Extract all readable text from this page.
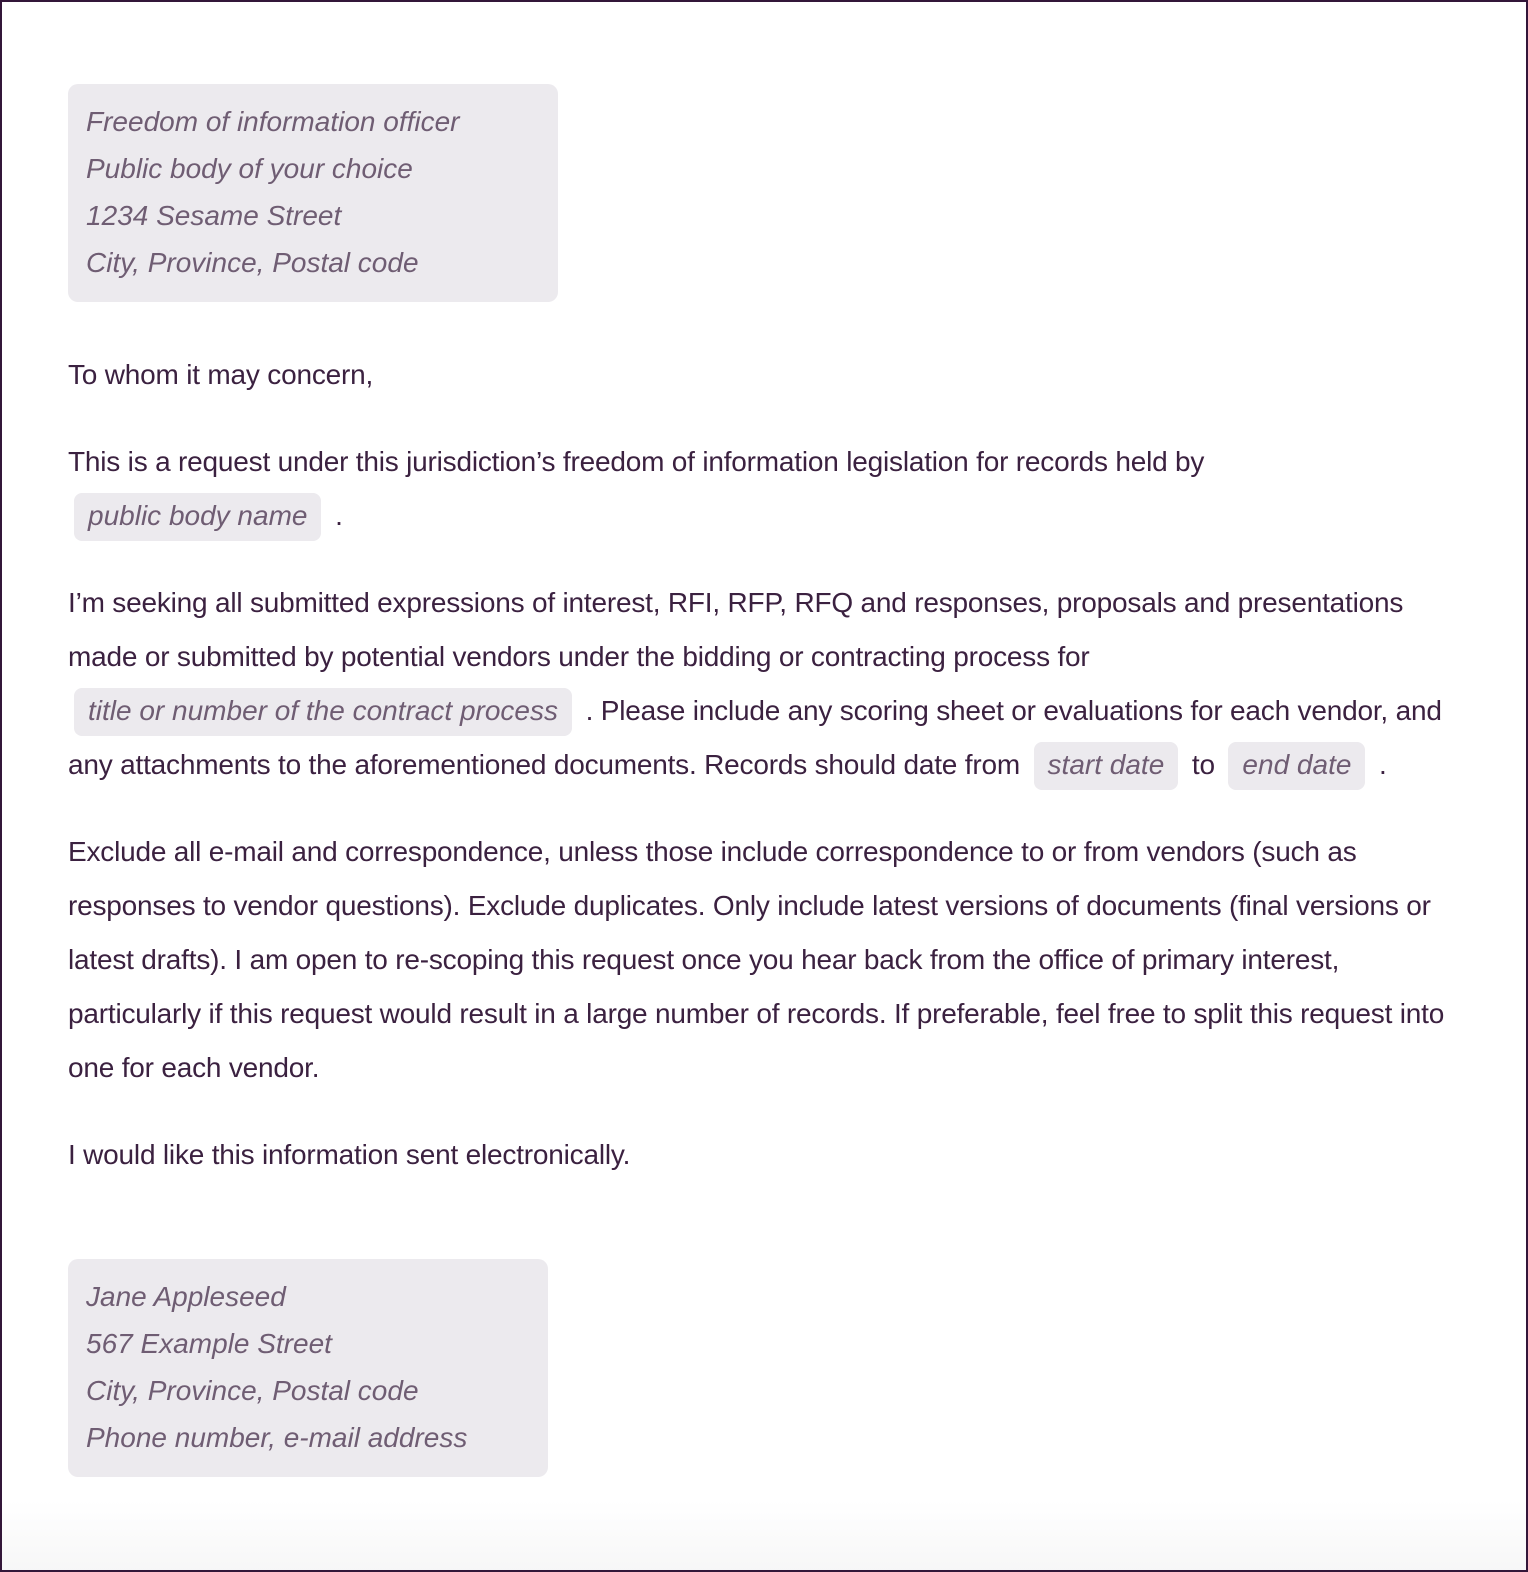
Freedom of information officer
Public body of your choice
1234 Sesame Street
City, Province, Postal code

To whom it may concern,

This is a request under this jurisdiction’s freedom of information legislation for records held by public body name .

I’m seeking all submitted expressions of interest, RFI, RFP, RFQ and responses, proposals and presentations made or submitted by potential vendors under the bidding or contracting process for title or number of the contract process . Please include any scoring sheet or evaluations for each vendor, and any attachments to the aforementioned documents. Records should date from start date to end date .

Exclude all e-mail and correspondence, unless those include correspondence to or from vendors (such as responses to vendor questions). Exclude duplicates. Only include latest versions of documents (final versions or latest drafts). I am open to re-scoping this request once you hear back from the office of primary interest, particularly if this request would result in a large number of records. If preferable, feel free to split this request into one for each vendor.

I would like this information sent electronically.

Jane Appleseed
567 Example Street
City, Province, Postal code
Phone number, e-mail address
